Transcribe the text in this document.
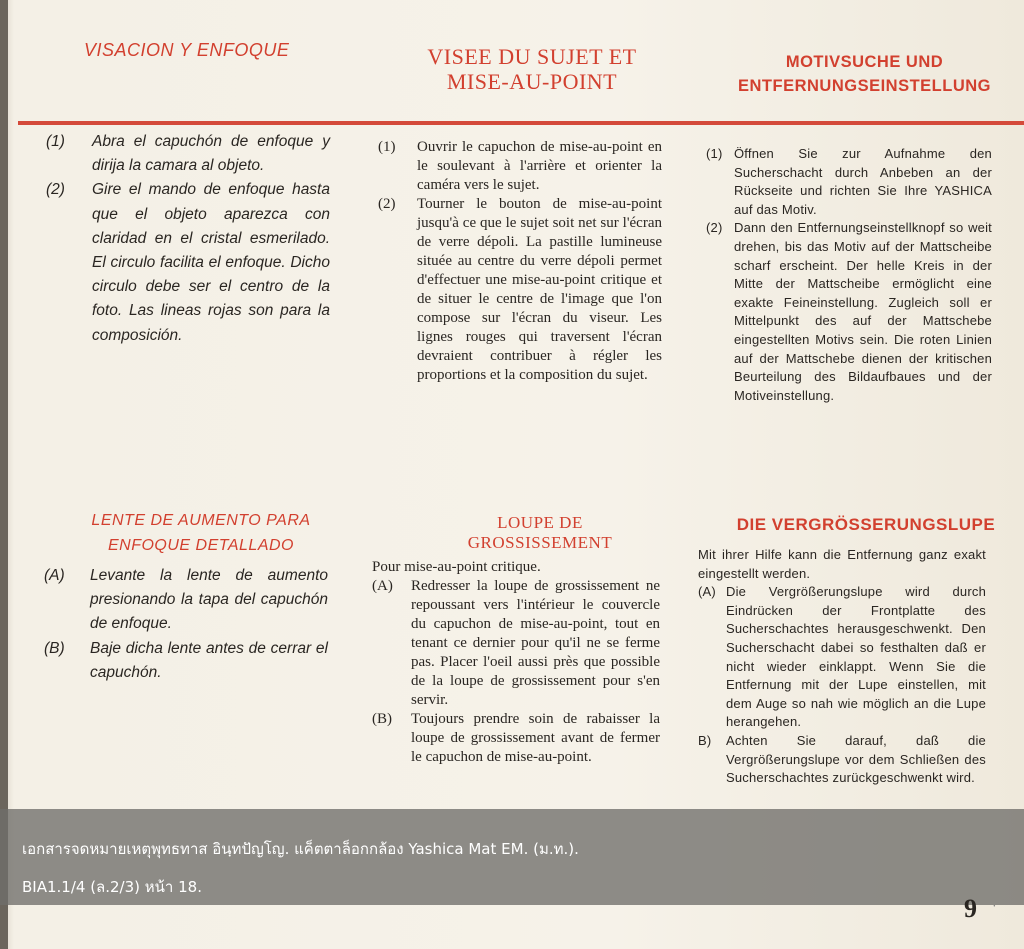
VISACION Y ENFOQUE	VISEE DU SUJET ET
MISE-AU-POINT
MOTIVSUCHE UND
ENTFERNUNGSEINSTELLUNG
(1)	Abra el capuchón de enfoque y dirija la camara al objeto.
(2)	Gire el mando de enfoque hasta que el objeto aparezca con claridad en el cristal esmerilado. El circulo facilita el enfoque. Dicho circulo debe ser el centro de la foto. Las lineas rojas son para la composición.
(1)	Ouvrir le capuchon de mise-au-point en le soulevant à l'arrière et orienter la caméra vers le sujet.
(2)	Tourner le bouton de mise-au-point jusqu'à ce que le sujet soit net sur l'écran de verre dépoli. La pastille lumineuse située au centre du verre dépoli permet d'effectuer une mise-au-point critique et de situer le centre de l'image que l'on compose sur l'écran du viseur. Les lignes rouges qui traversent l'écran devraient contribuer à régler les proportions et la composition du sujet.
(1) Öffnen Sie zur Aufnahme den Sucherschacht durch Anbeben an der Rückseite und richten Sie Ihre YASHICA auf das Motiv.
(2) Dann den Entfernungseinstellknopf so weit drehen, bis das Motiv auf der Mattscheibe scharf erscheint. Der helle Kreis in der Mitte der Mattscheibe ermöglicht eine exakte Feineinstellung. Zugleich soll er Mittelpunkt des auf der Mattschebe eingestellten Motivs sein. Die roten Linien auf der Mattschebe dienen der kritischen Beurteilung des Bildaufbaues und der Motiveinstellung.
LENTE DE AUMENTO PARA
ENFOQUE DETALLADO
LOUPE DE
GROSSISSEMENT
DIE VERGRÖSSERUNGSLUPE
(A)	Levante la lente de aumento presionando la tapa del capuchón de enfoque.
(B)	Baje dicha lente antes de cerrar el capuchón.
Pour mise-au-point critique.
(A)	Redresser la loupe de grossissement ne repoussant vers l'intérieur le couvercle du capuchon de mise-au-point, tout en tenant ce dernier pour qu'il ne se ferme pas. Placer l'oeil aussi près que possible de la loupe de grossissement pour s'en servir.
(B)	Toujours prendre soin de rabaisser la loupe de grossissement avant de fermer le capuchon de mise-au-point.
Mit ihrer Hilfe kann die Entfernung ganz exakt eingestellt werden.
(A) Die Vergrößerungslupe wird durch Eindrücken der Frontplatte des Sucherschachtes herausgeschwenkt. Den Sucherschacht dabei so festhalten daß er nicht wieder einklappt. Wenn Sie die Entfernung mit der Lupe einstellen, mit dem Auge so nah wie möglich an die Lupe herangehen.
B)	Achten Sie darauf, daß die Vergrößerungslupe vor dem Schließen des Sucherschachtes zurückgeschwenkt wird.
เอกสารจดหมายเหตุพุทธทาส อินฺทปัญโญ. แค็ตตาล็อกกล้อง Yashica Mat EM. (ม.ท.).
BIA1.1/4 (ล.2/3) หน้า 18.
9 ˙
